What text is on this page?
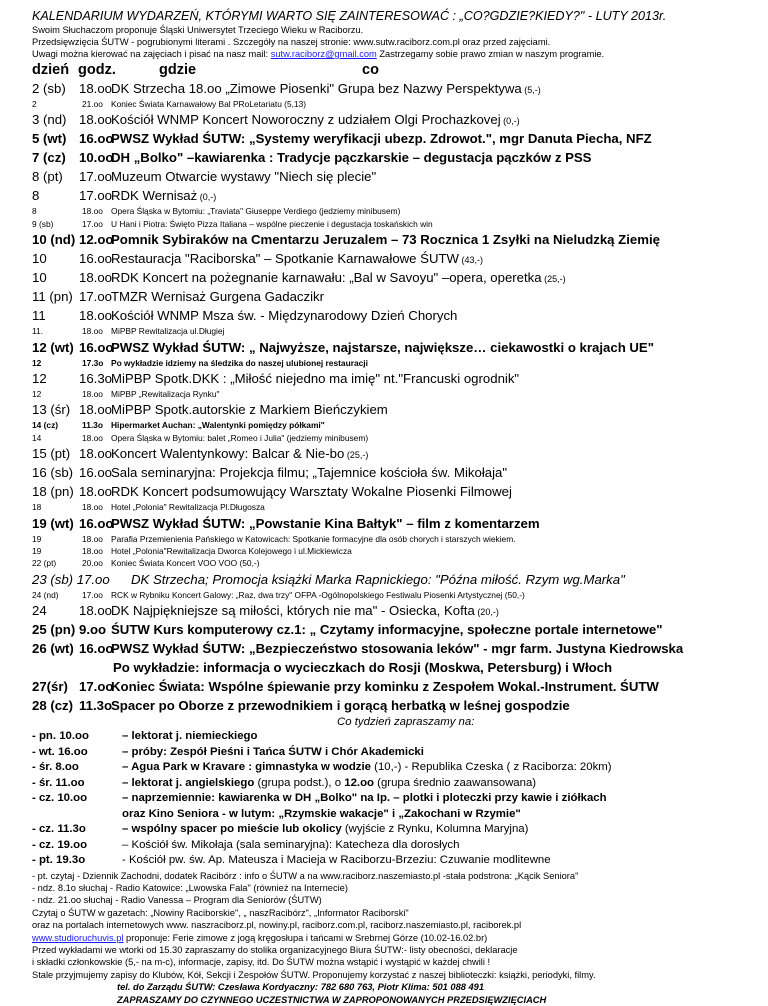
KALENDARIUM WYDARZEŃ, KTÓRYMI WARTO SIĘ ZAINTERESOWAĆ : „CO?GDZIE?KIEDY?" - LUTY 2013r.
Swoim Słuchaczom proponuje Śląski Uniwersytet Trzeciego Wieku w Raciborzu.
Przedsięwzięcia ŚUTW - pogrubionymi literami . Szczegóły na naszej stronie: www.sutw.raciborz.com.pl oraz przed zajęciami.
Uwagi można kierować na zajęciach i pisać na nasz mail: sutw.raciborz@gmail.com Zastrzegamy sobie prawo zmian w naszym programie.
dzień godz.	gdzie	co
2 (sb) 18.oo
DK Strzecha 18.oo „Zimowe Piosenki" Grupa bez Nazwy Perspektywa (5,-)
2	21.oo Koniec Świata Karnawałowy Bal PRoLetariatu (5,13)
3 (nd) 18.oo
Kościół WNMP Koncert Noworoczny z udziałem Olgi Prochazkovej (0,-)
5 (wt) 16.oo
PWSZ Wykład ŚUTW: „Systemy weryfikacji ubezp. Zdrowot.", mgr Danuta Piecha, NFZ
7 (cz) 10.oo
DH „Bolko" –kawiarenka : Tradycje pączkarskie – degustacja pączków z PSS
8 (pt) 17.oo
Muzeum Otwarcie wystawy "Niech się plecie"
8	17.oo
RDK Wernisaż (0,-)
8	18.oo Opera Śląska w Bytomiu: „Traviata" Giuseppe Verdiego (jedziemy minibusem)
9 (sb)	17.oo U Hani i Piotra: Święto Pizza Italiana – wspólne pieczenie i degustacja toskańskich win
10 (nd) 12.oo
Pomnik Sybiraków na Cmentarzu Jeruzalem – 73 Rocznica 1 Zsyłki na Nieludzką Ziemię
10 16.oo
Restauracja "Raciborska" – Spotkanie Karnawałowe ŚUTW (43,-)
10 18.oo
RDK Koncert na pożegnanie karnawału: „Bal w Savoyu" –opera, operetka (25,-)
11 (pn) 17.oo
TMZR Wernisaż Gurgena Gadaczikr
11	18.oo
Kościół WNMP Msza św. - Międzynarodowy Dzień Chorych
11.	18.oo MiPBP Rewitalizacja ul.Długiej
12 (wt) 16.oo
PWSZ Wykład ŚUTW: „ Najwyższe, najstarsze, największe… ciekawostki o krajach UE"
12	17.3o Po wykładzie idziemy na śledzika do naszej ulubionej restauracji
12 16.3o
MiPBP Spotk.DKK : „Miłość niejedno ma imię" nt."Francuski ogrodnik"
12	18.oo MiPBP „Rewitalizacja Rynku"
13 (śr) 18.oo
MiPBP Spotk.autorskie z Markiem Bieńczykiem
14 (cz)	11.3o Hipermarket Auchan: „Walentynki pomiędzy półkami"
14	18.oo Opera Śląska w Bytomiu: balet „Romeo i Julia" (jedziemy minibusem)
15 (pt) 18.oo
Koncert Walentynkowy: Balcar & Nie-bo (25,-)
16 (sb) 16.oo
Sala seminaryjna: Projekcja filmu; „Tajemnice kościoła św. Mikołaja"
18 (pn) 18.oo
RDK Koncert podsumowujący Warsztaty Wokalne Piosenki Filmowej
18	18.oo Hotel „Polonia" Rewitalizacja Pl.Długosza
19 (wt) 16.oo
PWSZ Wykład ŚUTW: „Powstanie Kina Bałtyk" – film z komentarzem
19	18.oo Parafia Przemienienia Pańskiego w Katowicach: Spotkanie formacyjne dla osób chorych i starszych wiekiem.
19	18.oo Hotel „Polonia"Rewitalizacja Dworca Kolejowego i ul.Mickiewicza
22 (pt)	20.oo Koniec Świata Koncert VOO VOO (50,-)
23 (sb) 17.oo DK Strzecha; Promocja książki Marka Rapnickiego: "Późna miłość. Rzym wg.Marka"
24 (nd)	17.oo RCK w Rybniku Koncert Galowy: „Raz, dwa trzy" OFPA -Ogólnopolskiego Festiwalu Piosenki Artystycznej (50,-)
24 18.oo
DK Najpiękniejsze są miłości, których nie ma" - Osiecka, Kofta (20,-)
25 (pn) 9.oo ŚUTW Kurs komputerowy cz.1: „ Czytamy informacyjne, społeczne portale internetowe"
26 (wt) 16.oo
PWSZ Wykład ŚUTW: „Bezpieczeństwo stosowania leków" - mgr farm. Justyna Kiedrowska
Po wykładzie: informacja o wycieczkach do Rosji (Moskwa, Petersburg) i Włoch
27(śr) 17.oo
Koniec Świata: Wspólne śpiewanie przy kominku z Zespołem Wokal.-Instrument. ŚUTW
28 (cz) 11.3o Spacer po Oborze z przewodnikiem i gorącą herbatką w leśnej gospodzie
Co tydzień zapraszamy na:
- pn. 10.oo	– lektorat j. niemieckiego
- wt. 16.oo	– próby: Zespół Pieśni i Tańca ŚUTW i Chór Akademicki
- śr. 8.oo	– Agua Park w Kravare : gimnastyka w wodzie (10,-) - Republika Czeska ( z Raciborza: 20km)
- śr. 11.oo	– lektorat j. angielskiego (grupa podst.), o 12.oo (grupa średnio zaawansowana)
- cz. 10.oo	– naprzemiennie: kawiarenka w DH „Bolko" na Ip. – plotki i ploteczki przy kawie i ziółkach
oraz Kino Seniora - w lutym: „Rzymskie wakacje" i „Zakochani w Rzymie"
- cz. 11.3o	– wspólny spacer po mieście lub okolicy (wyjście z Rynku, Kolumna Maryjna)
- cz. 19.oo	– Kościół św. Mikołaja (sala seminaryjna): Katecheza dla dorosłych
- pt. 19.3o	- Kościół pw. św. Ap. Mateusza i Macieja w Raciborzu-Brzeziu: Czuwanie modlitewne
- pt. czytaj - Dziennik Zachodni, dodatek Racibórz : info o ŚUTW a na www.raciborz.naszemiasto.pl -stała podstrona: „Kącik Seniora"
- ndz. 8.1o słuchaj - Radio Katowice: „Lwowska Fala" (również na Internecie)
- ndz. 21.oo słuchaj - Radio Vanessa – Program dla Seniorów (ŚUTW)
Czytaj o ŚUTW w gazetach: „Nowiny Raciborskie", „ naszRacibórz", „Informator Raciborski"
oraz na portalach internetowych www. naszraciborz.pl, nowiny.pl, raciborz.com.pl, raciborz.naszemiasto.pl, raciborek.pl
www.studioruchuvis.pl proponuje: Ferie zimowe z jogą kręgosłupa i tańcami w Srebrnej Górze (10.02-16.02.br)
Przed wykładami we wtorki od 15.30 zapraszamy do stolika organizacyjnego Biura ŚUTW:- listy obecności, deklaracje
i składki członkowskie (5,- na m-c), informacje, zapisy, itd. Do ŚUTW można wstąpić i wystąpić w każdej chwili !
Stale przyjmujemy zapisy do Klubów, Kół, Sekcji i Zespołów ŚUTW. Proponujemy korzystać z naszej biblioteczki: książki, periodyki, filmy.
tel. do Zarządu ŚUTW: Czesława Kordyaczny: 782 680 763, Piotr Klima: 501 088 491
ZAPRASZAMY DO CZYNNEGO UCZESTNICTWA W ZAPROPONOWANYCH PRZEDSIĘWZIĘCIACH
